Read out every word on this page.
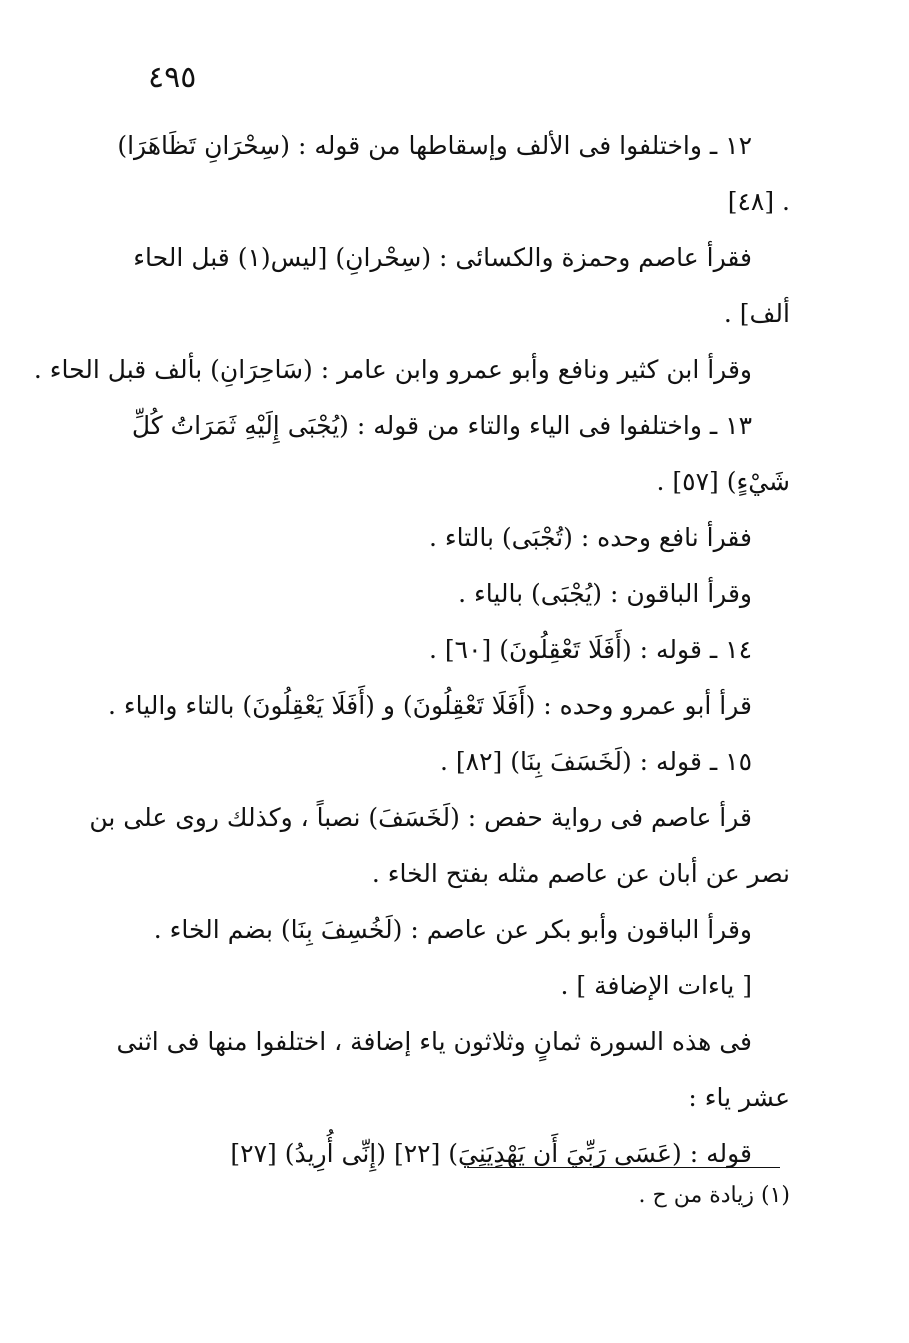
٤٩٥
١٢ ـ واختلفوا فى الألف وإسقاطها من قوله : (سِحْرَانِ تَظَاهَرَا)
. [٤٨]
فقرأ عاصم وحمزة والكسائى : (سِحْرانِ) [ليس(١) قبل الحاء
ألف] .
وقرأ ابن كثير ونافع وأبو عمرو وابن عامر : (سَاحِرَانِ) بألف قبل الحاء .
١٣ ـ واختلفوا فى الياء والتاء من قوله : (يُجْبَى إِلَيْهِ ثَمَرَاتُ كُلِّ
شَيْءٍ) [٥٧] .
فقرأ نافع وحده : (تُجْبَى) بالتاء .
وقرأ الباقون : (يُجْبَى) بالياء .
١٤ ـ قوله : (أَفَلَا تَعْقِلُونَ) [٦٠] .
قرأ أبو عمرو وحده : (أَفَلَا تَعْقِلُونَ) و (أَفَلَا يَعْقِلُونَ) بالتاء والياء .
١٥ ـ قوله : (لَخَسَفَ بِنَا) [٨٢] .
قرأ عاصم فى رواية حفص : (لَخَسَفَ) نصباً ، وكذلك روى على بن
نصر عن أبان عن عاصم مثله بفتح الخاء .
وقرأ الباقون وأبو بكر عن عاصم : (لَخُسِفَ بِنَا) بضم الخاء .
[ ياءات الإضافة ] .
فى هذه السورة ثمانٍ وثلاثون ياء إضافة ، اختلفوا منها فى اثنى
عشر ياء :
قوله : (عَسَى رَبِّيَ أَن يَهْدِيَنِيَ) [٢٢] (إِنِّى أُرِيدُ) [٢٧]
(١) زيادة من ح .
